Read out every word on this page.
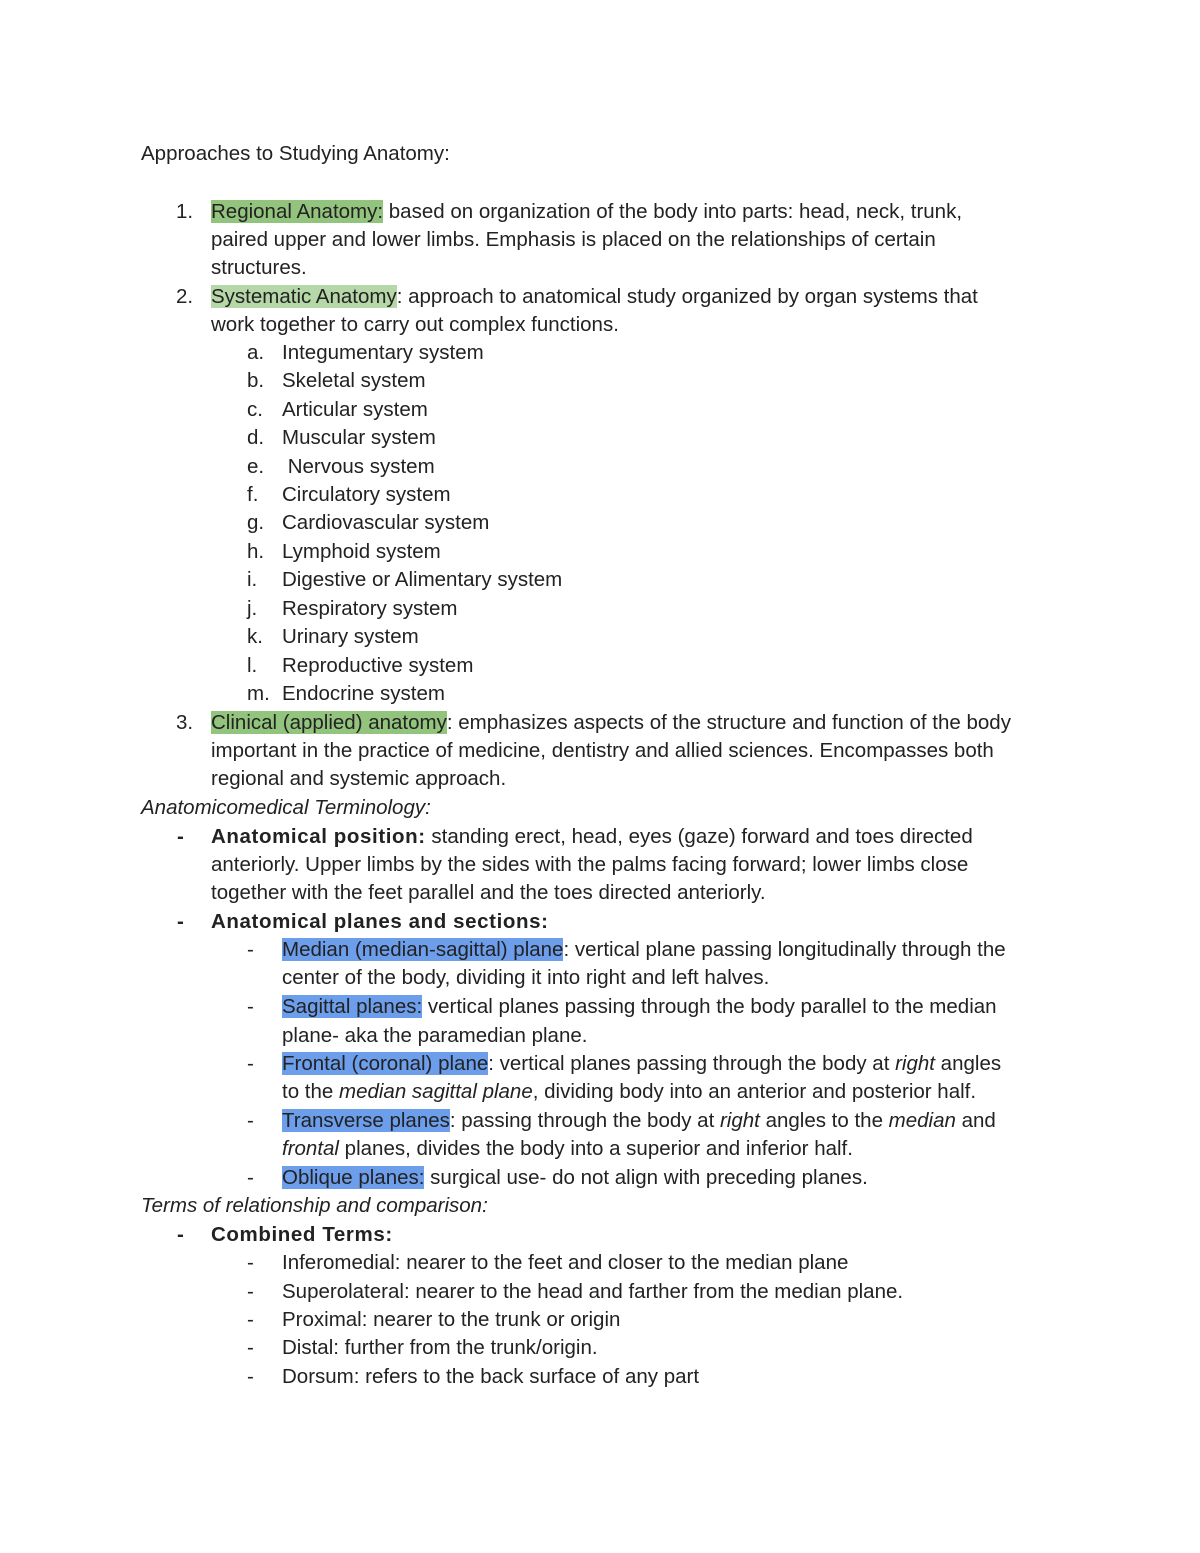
Approaches to Studying Anatomy:
1. Regional Anatomy: based on organization of the body into parts: head, neck, trunk,
paired upper and lower limbs. Emphasis is placed on the relationships of certain
structures.
2. Systematic Anatomy: approach to anatomical study organized by organ systems that
work together to carry out complex functions.
a. Integumentary system
b. Skeletal system
c. Articular system
d. Muscular system
e. Nervous system
f. Circulatory system
g. Cardiovascular system
h. Lymphoid system
i. Digestive or Alimentary system
j. Respiratory system
k. Urinary system
l. Reproductive system
m. Endocrine system
3. Clinical (applied) anatomy: emphasizes aspects of the structure and function of the body
important in the practice of medicine, dentistry and allied sciences. Encompasses both
regional and systemic approach.
Anatomicomedical Terminology:
- Anatomical position: standing erect, head, eyes (gaze) forward and toes directed
anteriorly. Upper limbs by the sides with the palms facing forward; lower limbs close
together with the feet parallel and the toes directed anteriorly.
- Anatomical planes and sections:
- Median (median-sagittal) plane: vertical plane passing longitudinally through the
center of the body, dividing it into right and left halves.
- Sagittal planes: vertical planes passing through the body parallel to the median
plane- aka the paramedian plane.
- Frontal (coronal) plane: vertical planes passing through the body at right angles
to the median sagittal plane, dividing body into an anterior and posterior half.
- Transverse planes: passing through the body at right angles to the median and
frontal planes, divides the body into a superior and inferior half.
- Oblique planes: surgical use- do not align with preceding planes.
Terms of relationship and comparison:
- Combined Terms:
- Inferomedial: nearer to the feet and closer to the median plane
- Superolateral: nearer to the head and farther from the median plane.
- Proximal: nearer to the trunk or origin
- Distal: further from the trunk/origin.
- Dorsum: refers to the back surface of any part
